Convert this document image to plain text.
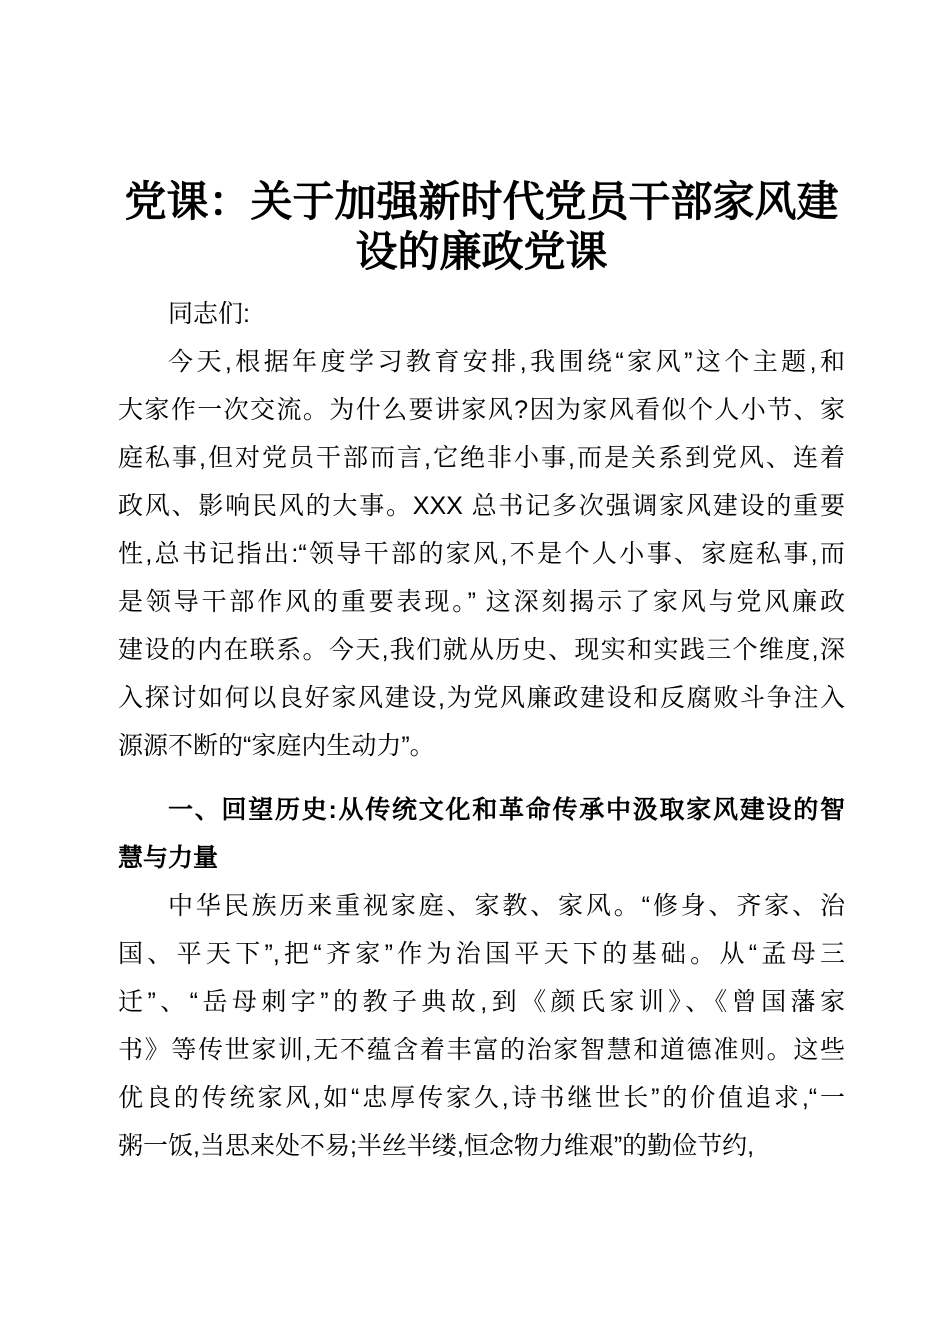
党课：关于加强新时代党员干部家风建
设的廉政党课

同志们:

今天,根据年度学习教育安排,我围绕“家风”这个主题,和

大家作一次交流。为什么要讲家风?因为家风看似个人小节、家

庭私事,但对党员干部而言,它绝非小事,而是关系到党风、连着

政风、影响民风的大事。XXX 总书记多次强调家风建设的重要

性,总书记指出:“领导干部的家风,不是个人小事、家庭私事,而

是领导干部作风的重要表现。” 这深刻揭示了家风与党风廉政

建设的内在联系。今天,我们就从历史、现实和实践三个维度,深

入探讨如何以良好家风建设,为党风廉政建设和反腐败斗争注入

源源不断的“家庭内生动力”。

一、回望历史:从传统文化和革命传承中汲取家风建设的智

慧与力量

中华民族历来重视家庭、家教、家风。“修身、齐家、治

国、平天下”,把“齐家”作为治国平天下的基础。从“孟母三

迁”、“岳母刺字”的教子典故,到《颜氏家训》、《曾国藩家

书》等传世家训,无不蕴含着丰富的治家智慧和道德准则。这些

优良的传统家风,如“忠厚传家久,诗书继世长”的价值追求,“一

粥一饭,当思来处不易;半丝半缕,恒念物力维艰”的勤俭节约,
